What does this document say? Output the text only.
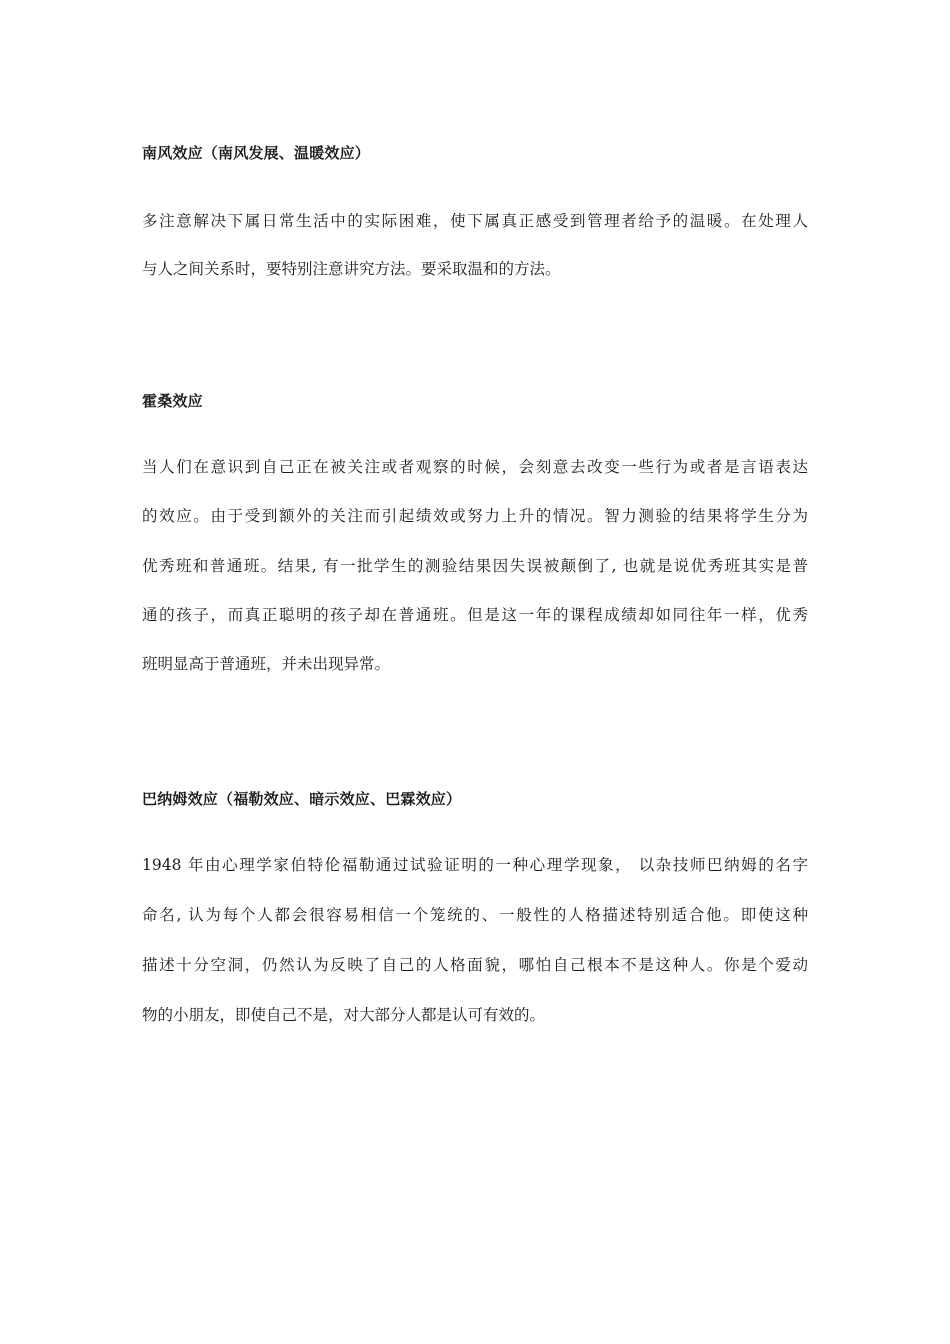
南风效应（南风发展、温暖效应）
多注意解决下属日常生活中的实际困难，使下属真正感受到管理者给予的温暖。在处理人
与人之间关系时，要特别注意讲究方法。要采取温和的方法。
霍桑效应
当人们在意识到自己正在被关注或者观察的时候，会刻意去改变一些行为或者是言语表达
的效应。由于受到额外的关注而引起绩效或努力上升的情况。智力测验的结果将学生分为
优秀班和普通班。结果, 有一批学生的测验结果因失误被颠倒了, 也就是说优秀班其实是普
通的孩子，而真正聪明的孩子却在普通班。但是这一年的课程成绩却如同往年一样，优秀
班明显高于普通班，并未出现异常。
巴纳姆效应（福勒效应、暗示效应、巴霖效应）
1948 年由心理学家伯特伦福勒通过试验证明的一种心理学现象， 以杂技师巴纳姆的名字
命名, 认为每个人都会很容易相信一个笼统的、一般性的人格描述特别适合他。即使这种
描述十分空洞，仍然认为反映了自己的人格面貌，哪怕自己根本不是这种人。你是个爱动
物的小朋友，即使自己不是，对大部分人都是认可有效的。
